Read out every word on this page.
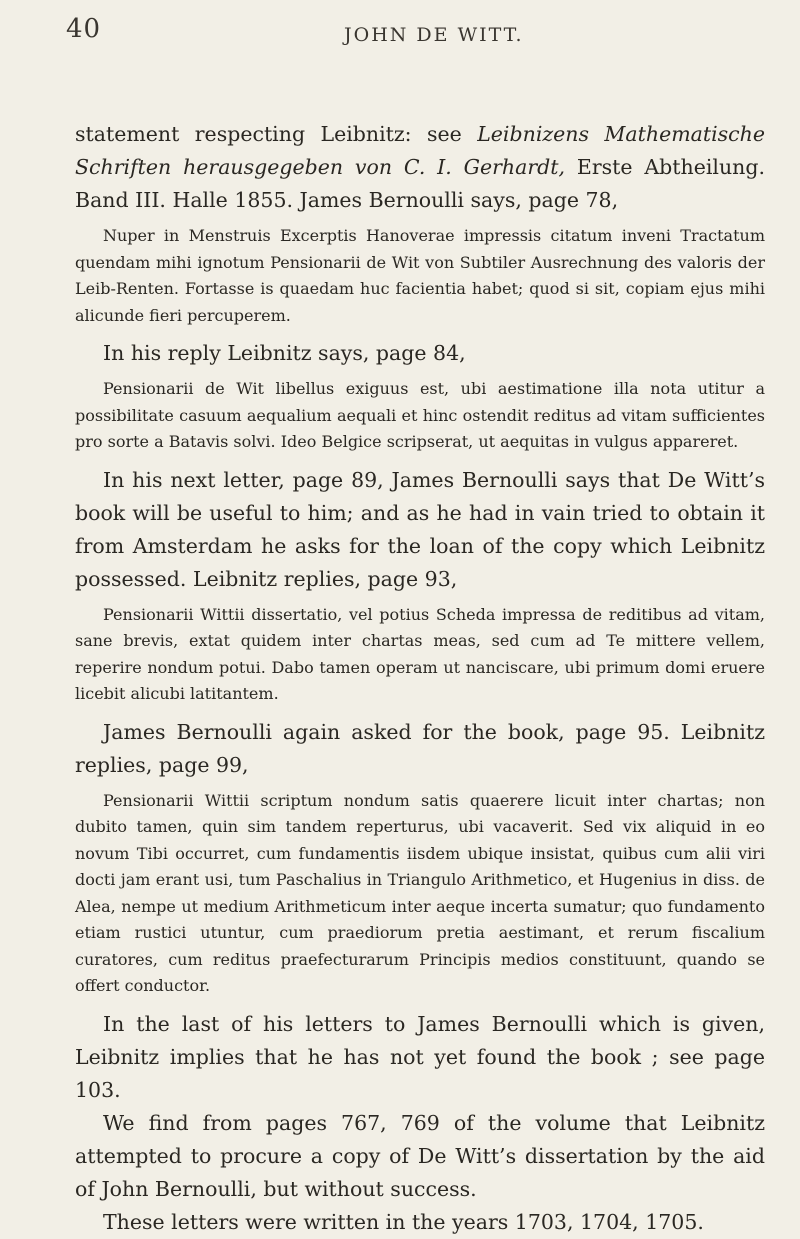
40	JOHN DE WITT.

statement respecting Leibnitz: see Leibnizens Mathematische Schriften herausgegeben von C. I. Gerhardt, Erste Abtheilung. Band III. Halle 1855. James Bernoulli says, page 78,

Nuper in Menstruis Excerptis Hanoverae impressis citatum inveni Tractatum quendam mihi ignotum Pensionarii de Wit von Subtiler Ausrechnung des valoris der Leib-Renten. Fortasse is quaedam huc facientia habet; quod si sit, copiam ejus mihi alicunde fieri percuperem.

In his reply Leibnitz says, page 84,

Pensionarii de Wit libellus exiguus est, ubi aestimatione illa nota utitur a possibilitate casuum aequalium aequali et hinc ostendit reditus ad vitam sufficientes pro sorte a Batavis solvi. Ideo Belgice scripserat, ut aequitas in vulgus appareret.

In his next letter, page 89, James Bernoulli says that De Witt’s book will be useful to him; and as he had in vain tried to obtain it from Amsterdam he asks for the loan of the copy which Leibnitz possessed. Leibnitz replies, page 93,

Pensionarii Wittii dissertatio, vel potius Scheda impressa de reditibus ad vitam, sane brevis, extat quidem inter chartas meas, sed cum ad Te mittere vellem, reperire nondum potui. Dabo tamen operam ut nanciscare, ubi primum domi eruere licebit alicubi latitantem.

James Bernoulli again asked for the book, page 95. Leibnitz replies, page 99,

Pensionarii Wittii scriptum nondum satis quaerere licuit inter chartas; non dubito tamen, quin sim tandem reperturus, ubi vacaverit. Sed vix aliquid in eo novum Tibi occurret, cum fundamentis iisdem ubique insistat, quibus cum alii viri docti jam erant usi, tum Paschalius in Triangulo Arithmetico, et Hugenius in diss. de Alea, nempe ut medium Arithmeticum inter aeque incerta sumatur; quo fundamento etiam rustici utuntur, cum praediorum pretia aestimant, et rerum fiscalium curatores, cum reditus praefecturarum Principis medios constituunt, quando se offert conductor.

In the last of his letters to James Bernoulli which is given, Leibnitz implies that he has not yet found the book ; see page 103.

We find from pages 767, 769 of the volume that Leibnitz attempted to procure a copy of De Witt’s dissertation by the aid of John Bernoulli, but without success.

These letters were written in the years 1703, 1704, 1705.
